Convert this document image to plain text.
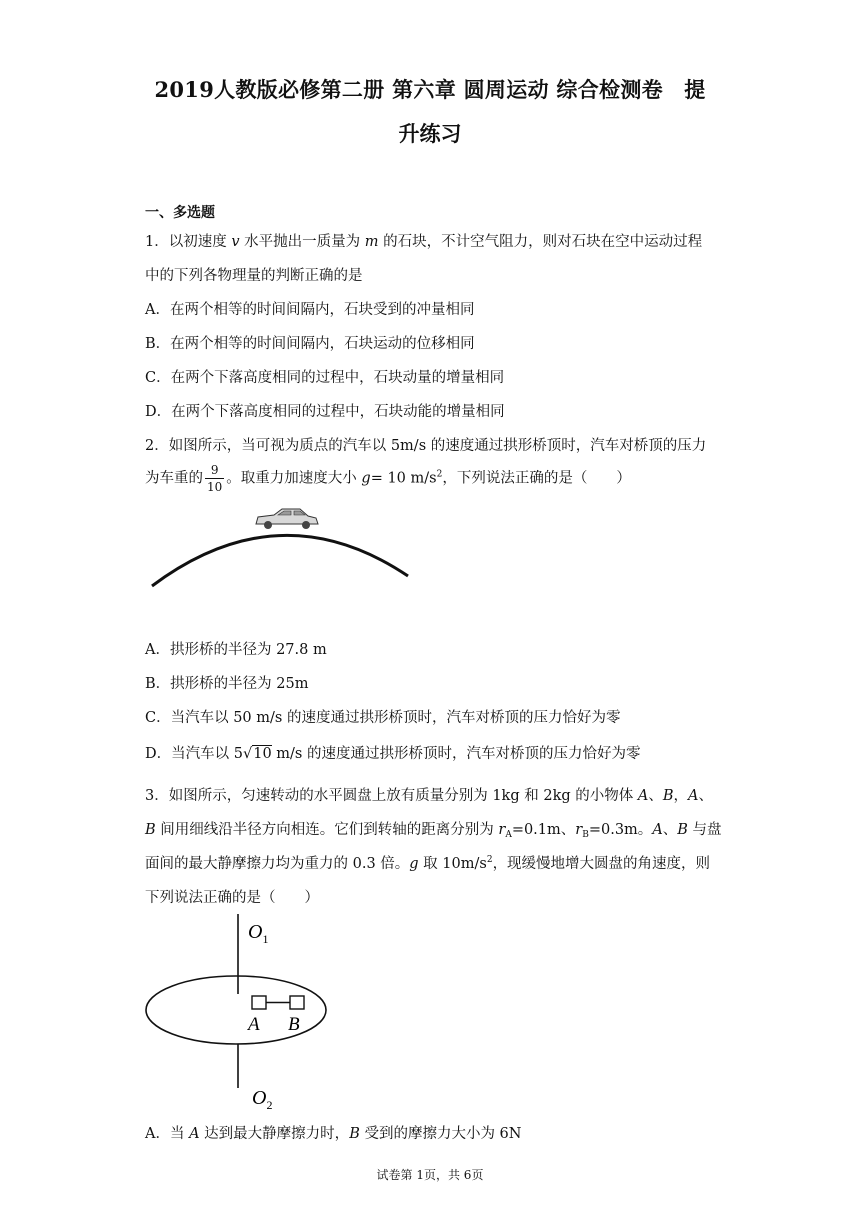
2019人教版必修第二册 第六章 圆周运动 综合检测卷　提
升练习
一、多选题
1．以初速度 v 水平抛出一质量为 m 的石块，不计空气阻力，则对石块在空中运动过程
中的下列各物理量的判断正确的是
A．在两个相等的时间间隔内，石块受到的冲量相同
B．在两个相等的时间间隔内，石块运动的位移相同
C．在两个下落高度相同的过程中，石块动量的增量相同
D．在两个下落高度相同的过程中，石块动能的增量相同
2．如图所示，当可视为质点的汽车以 5m/s 的速度通过拱形桥顶时，汽车对桥顶的压力
为车重的 $\frac{9}{10}$ 。取重力加速度大小 g= 10 $m/s^2$，下列说法正确的是（　　）
A．拱形桥的半径为 27.8 m
B．拱形桥的半径为 25m
C．当汽车以 50 m/s 的速度通过拱形桥顶时，汽车对桥顶的压力恰好为零
D．当汽车以 5√10 m/s 的速度通过拱形桥顶时，汽车对桥顶的压力恰好为零
3．如图所示，匀速转动的水平圆盘上放有质量分别为 1kg 和 2kg 的小物体 A、B，A、
B 间用细线沿半径方向相连。它们到转轴的距离分别为 $r_A=0.1m$、$r_B=0.3m$。A、B 与盘
面间的最大静摩擦力均为重力的 0.3 倍。g 取 $10m/s^2$，现缓慢地增大圆盘的角速度，则
下列说法正确的是（　　）
$O_1$
A B
$O_2$
A．当 A 达到最大静摩擦力时，B 受到的摩擦力大小为 6N
试卷第 1页，共 6页
